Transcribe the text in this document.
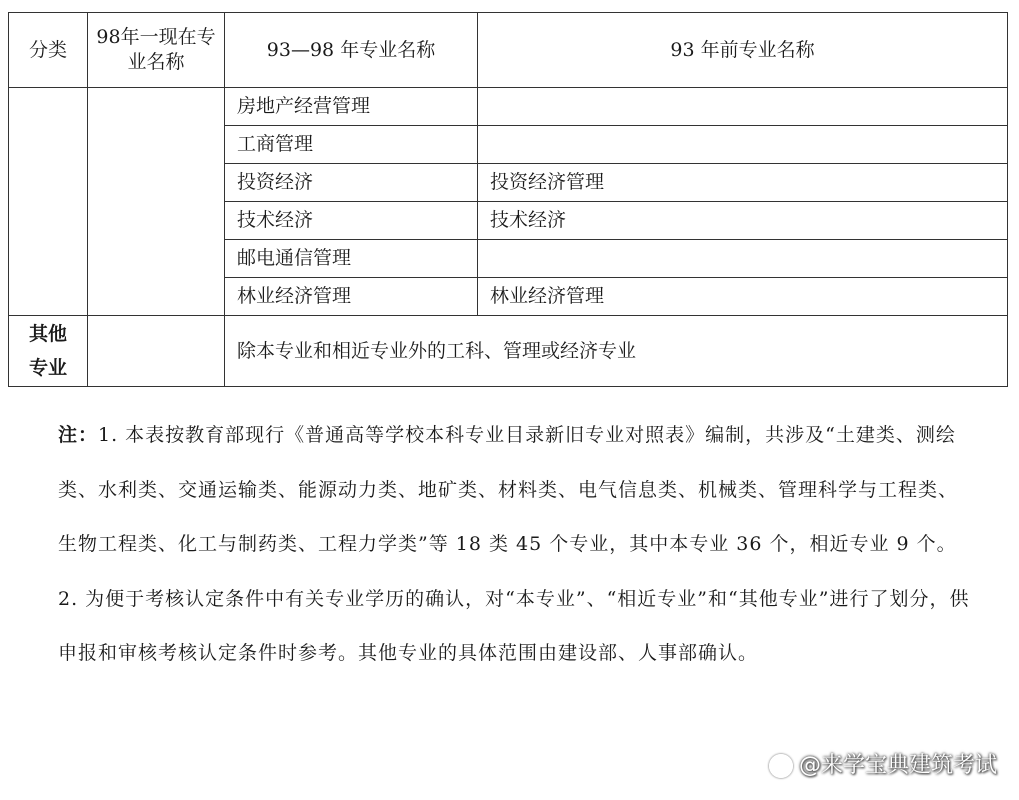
分类	98年一现在专业名称	93—98 年专业名称	93 年前专业名称
		房地产经营管理	
		工商管理	
		投资经济	投资经济管理
		技术经济	技术经济
		邮电通信管理	
		林业经济管理	林业经济管理
其他专业		除本专业和相近专业外的工科、管理或经济专业	

注：1. 本表按教育部现行《普通高等学校本科专业目录新旧专业对照表》编制，共涉及“土建类、测绘类、水利类、交通运输类、能源动力类、地矿类、材料类、电气信息类、机械类、管理科学与工程类、生物工程类、化工与制药类、工程力学类”等 18 类 45 个专业，其中本专业 36 个，相近专业 9 个。

2. 为便于考核认定条件中有关专业学历的确认，对“本专业”、“相近专业”和“其他专业”进行了划分，供申报和审核考核认定条件时参考。其他专业的具体范围由建设部、人事部确认。

@来学宝典建筑考试
